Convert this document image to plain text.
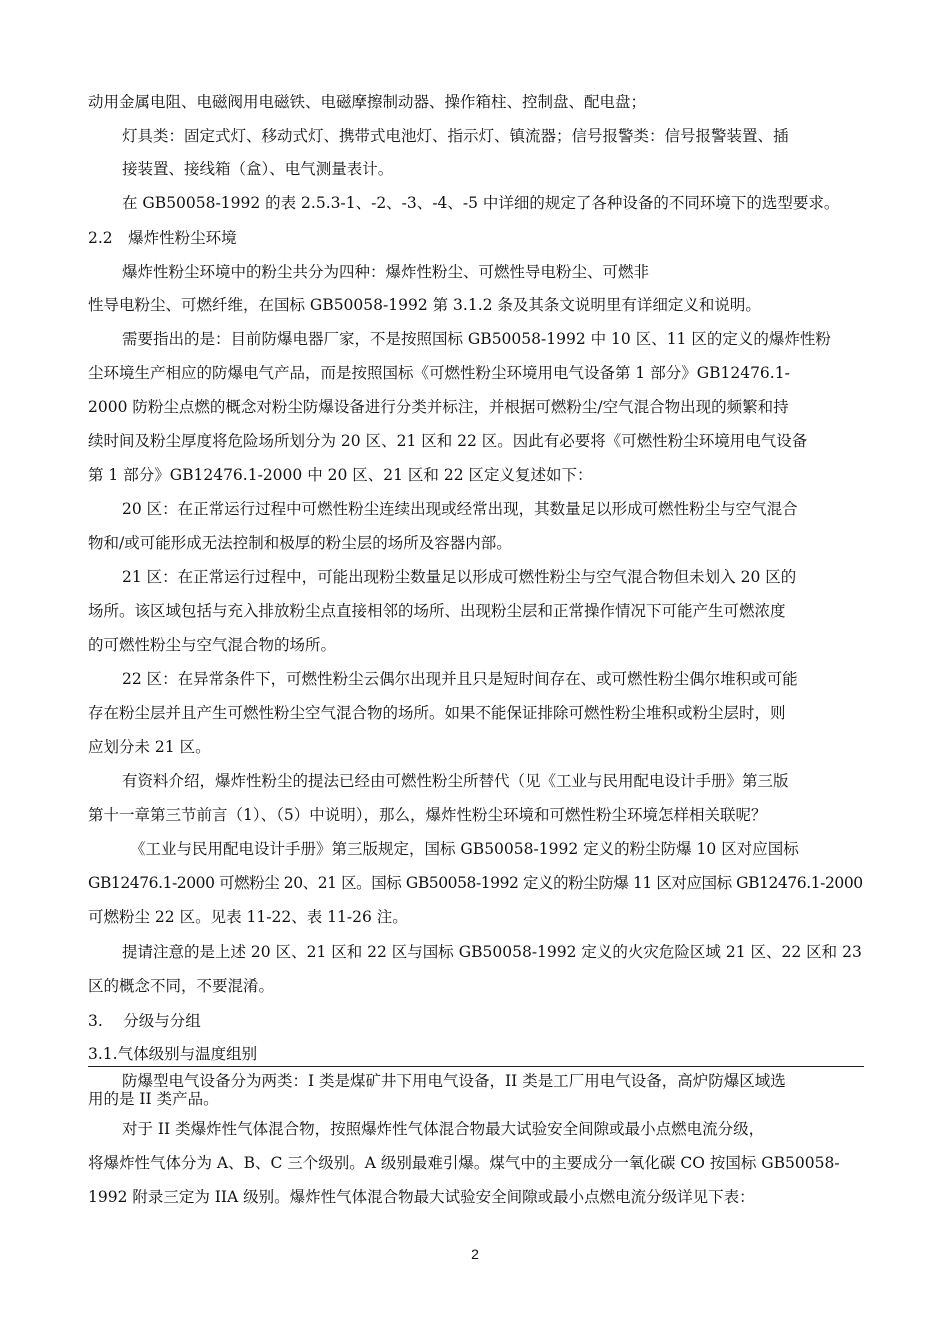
动用金属电阻、电磁阀用电磁铁、电磁摩擦制动器、操作箱柱、控制盘、配电盘；
灯具类：固定式灯、移动式灯、携带式电池灯、指示灯、镇流器；信号报警类：信号报警装置、插
接装置、接线箱（盒）、电气测量表计。
在 GB50058-1992 的表 2.5.3-1、-2、-3、-4、-5 中详细的规定了各种设备的不同环境下的选型要求。
2.2　爆炸性粉尘环境
爆炸性粉尘环境中的粉尘共分为四种：爆炸性粉尘、可燃性导电粉尘、可燃非
性导电粉尘、可燃纤维，在国标 GB50058-1992 第 3.1.2 条及其条文说明里有详细定义和说明。
需要指出的是：目前防爆电器厂家，不是按照国标 GB50058-1992 中 10 区、11 区的定义的爆炸性粉
尘环境生产相应的防爆电气产品，而是按照国标《可燃性粉尘环境用电气设备第 1 部分》GB12476.1-
2000 防粉尘点燃的概念对粉尘防爆设备进行分类并标注，并根据可燃粉尘/空气混合物出现的频繁和持
续时间及粉尘厚度将危险场所划分为 20 区、21 区和 22 区。因此有必要将《可燃性粉尘环境用电气设备
第 1 部分》GB12476.1-2000 中 20 区、21 区和 22 区定义复述如下：
20 区：在正常运行过程中可燃性粉尘连续出现或经常出现，其数量足以形成可燃性粉尘与空气混合
物和/或可能形成无法控制和极厚的粉尘层的场所及容器内部。
21 区：在正常运行过程中，可能出现粉尘数量足以形成可燃性粉尘与空气混合物但未划入 20 区的
场所。该区域包括与充入排放粉尘点直接相邻的场所、出现粉尘层和正常操作情况下可能产生可燃浓度
的可燃性粉尘与空气混合物的场所。
22 区：在异常条件下，可燃性粉尘云偶尔出现并且只是短时间存在、或可燃性粉尘偶尔堆积或可能
存在粉尘层并且产生可燃性粉尘空气混合物的场所。如果不能保证排除可燃性粉尘堆积或粉尘层时，则
应划分未 21 区。
有资料介绍，爆炸性粉尘的提法已经由可燃性粉尘所替代（见《工业与民用配电设计手册》第三版
第十一章第三节前言（1）、（5）中说明），那么，爆炸性粉尘环境和可燃性粉尘环境怎样相关联呢？
《工业与民用配电设计手册》第三版规定，国标 GB50058-1992 定义的粉尘防爆 10 区对应国标
GB12476.1-2000 可燃粉尘 20、21 区。国标 GB50058-1992 定义的粉尘防爆 11 区对应国标 GB12476.1-2000
可燃粉尘 22 区。见表 11-22、表 11-26 注。
提请注意的是上述 20 区、21 区和 22 区与国标 GB50058-1992 定义的火灾危险区域 21 区、22 区和 23
区的概念不同，不要混淆。
3.　 分级与分组
3.1.气体级别与温度组别
防爆型电气设备分为两类：I 类是煤矿井下用电气设备，II 类是工厂用电气设备，高炉防爆区域选
用的是 II 类产品。
对于 II 类爆炸性气体混合物，按照爆炸性气体混合物最大试验安全间隙或最小点燃电流分级，
将爆炸性气体分为 A、B、C 三个级别。A 级别最难引爆。煤气中的主要成分一氧化碳 CO 按国标 GB50058-
1992 附录三定为 IIA 级别。爆炸性气体混合物最大试验安全间隙或最小点燃电流分级详见下表：
2
